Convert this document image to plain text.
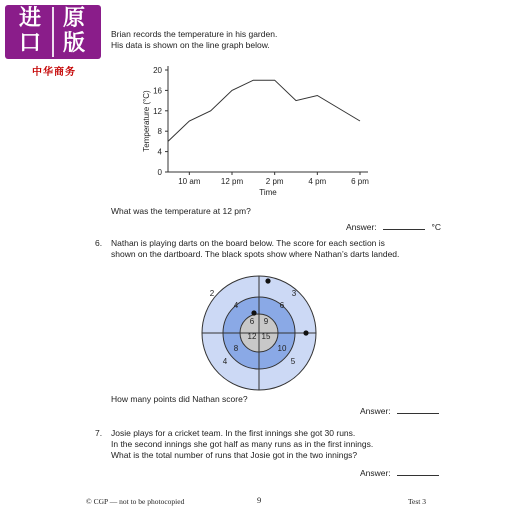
进 原
口 版
中华商务
Brian records the temperature in his garden.
His data is shown on the line graph below.
0
4
8
12
16
20
10 am	12 pm	2 pm	4 pm	6 pm
Temperature (°C)
Time
What was the temperature at 12 pm?
Answer:	°C
6. Nathan is playing darts on the board below. The score for each section is
shown on the dartboard. The black spots show where Nathan’s darts landed.
2	3
4	5
4	6
8	10
6 9
12 15
How many points did Nathan score?
Answer:
7. Josie plays for a cricket team. In the first innings she got 30 runs.
In the second innings she got half as many runs as in the first innings.
What is the total number of runs that Josie got in the two innings?
Answer:
© CGP — not to be photocopied	9	Test 3
